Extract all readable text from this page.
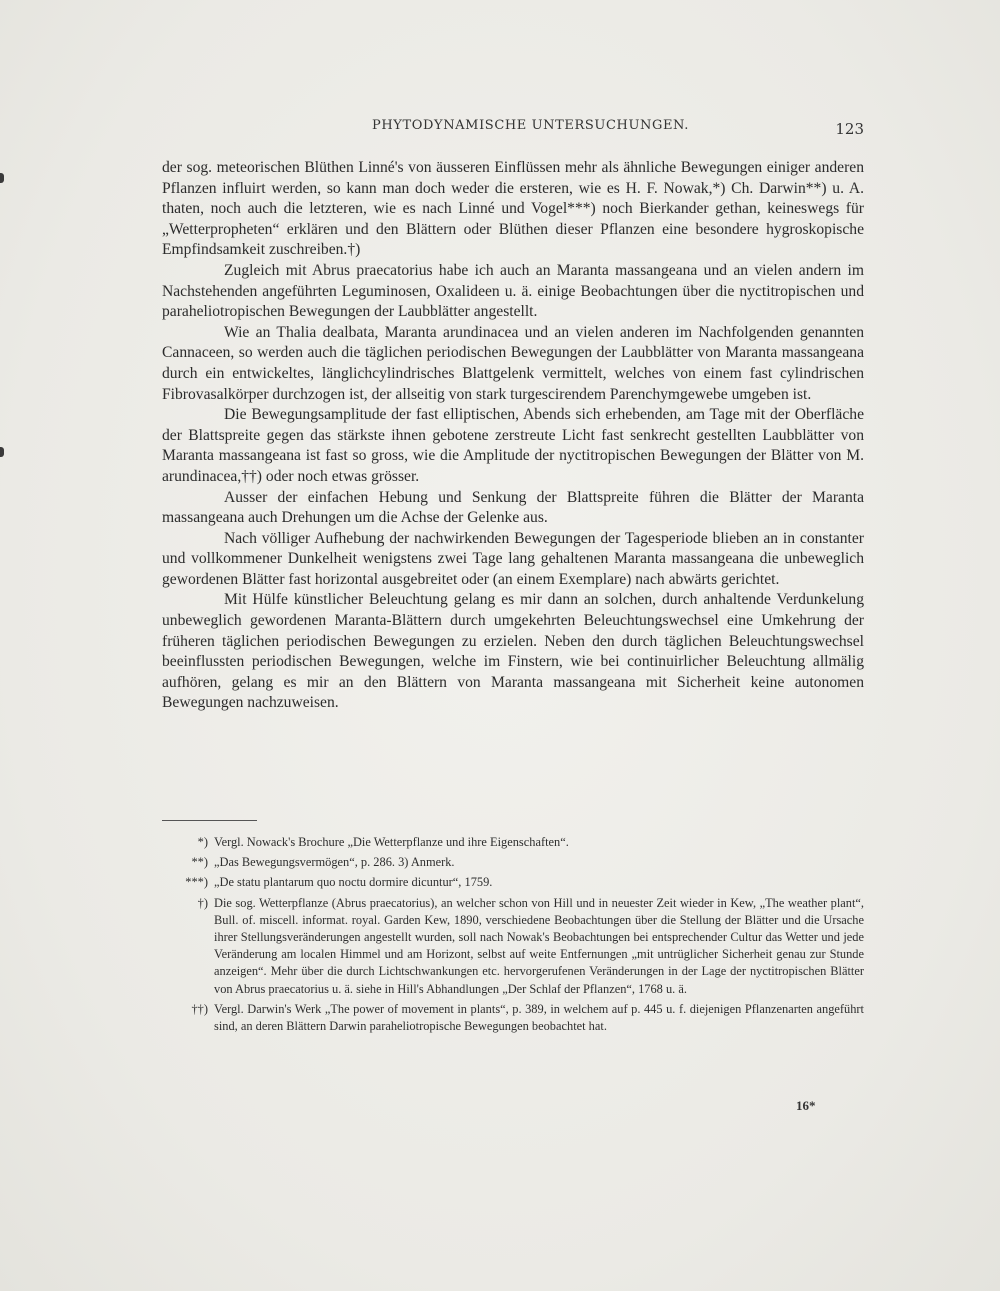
PHYTODYNAMISCHE UNTERSUCHUNGEN.	123

der sog. meteorischen Blüthen Linné's von äusseren Einflüssen mehr als ähnliche Bewegungen einiger anderen Pflanzen influirt werden, so kann man doch weder die ersteren, wie es H. F. Nowak,*) Ch. Darwin**) u. A. thaten, noch auch die letzteren, wie es nach Linné und Vogel***) noch Bierkander gethan, keineswegs für „Wetterpropheten“ erklären und den Blättern oder Blüthen dieser Pflanzen eine besondere hygroskopische Empfindsamkeit zuschreiben.†)

Zugleich mit Abrus praecatorius habe ich auch an Maranta massangeana und an vielen andern im Nachstehenden angeführten Leguminosen, Oxalideen u. ä. einige Beobachtungen über die nyctitropischen und paraheliotropischen Bewegungen der Laubblätter angestellt.

Wie an Thalia dealbata, Maranta arundinacea und an vielen anderen im Nachfolgenden genannten Cannaceen, so werden auch die täglichen periodischen Bewegungen der Laubblätter von Maranta massangeana durch ein entwickeltes, länglichcylindrisches Blattgelenk vermittelt, welches von einem fast cylindrischen Fibrovasalkörper durchzogen ist, der allseitig von stark turgescirendem Parenchymgewebe umgeben ist.

Die Bewegungsamplitude der fast elliptischen, Abends sich erhebenden, am Tage mit der Oberfläche der Blattspreite gegen das stärkste ihnen gebotene zerstreute Licht fast senkrecht gestellten Laubblätter von Maranta massangeana ist fast so gross, wie die Amplitude der nyctitropischen Bewegungen der Blätter von M. arundinacea,††) oder noch etwas grösser.

Ausser der einfachen Hebung und Senkung der Blattspreite führen die Blätter der Maranta massangeana auch Drehungen um die Achse der Gelenke aus.

Nach völliger Aufhebung der nachwirkenden Bewegungen der Tagesperiode blieben an in constanter und vollkommener Dunkelheit wenigstens zwei Tage lang gehaltenen Maranta massangeana die unbeweglich gewordenen Blätter fast horizontal ausgebreitet oder (an einem Exemplare) nach abwärts gerichtet.

Mit Hülfe künstlicher Beleuchtung gelang es mir dann an solchen, durch anhaltende Verdunkelung unbeweglich gewordenen Maranta-Blättern durch umgekehrten Beleuchtungswechsel eine Umkehrung der früheren täglichen periodischen Bewegungen zu erzielen. Neben den durch täglichen Beleuchtungswechsel beeinflussten periodischen Bewegungen, welche im Finstern, wie bei continuirlicher Beleuchtung allmälig aufhören, gelang es mir an den Blättern von Maranta massangeana mit Sicherheit keine autonomen Bewegungen nachzuweisen.

*) Vergl. Nowack's Brochure „Die Wetterpflanze und ihre Eigenschaften“.
**) „Das Bewegungsvermögen“, p. 286. 3) Anmerk.
***) „De statu plantarum quo noctu dormire dicuntur“, 1759.
†) Die sog. Wetterpflanze (Abrus praecatorius), an welcher schon von Hill und in neuester Zeit wieder in Kew, „The weather plant“, Bull. of. miscell. informat. royal. Garden Kew, 1890, verschiedene Beobachtungen über die Stellung der Blätter und die Ursache ihrer Stellungsveränderungen angestellt wurden, soll nach Nowak's Beobachtungen bei entsprechender Cultur das Wetter und jede Veränderung am localen Himmel und am Horizont, selbst auf weite Entfernungen „mit untrüglicher Sicherheit genau zur Stunde anzeigen“. Mehr über die durch Lichtschwankungen etc. hervorgerufenen Veränderungen in der Lage der nyctitropischen Blätter von Abrus praecatorius u. ä. siehe in Hill's Abhandlungen „Der Schlaf der Pflanzen“, 1768 u. ä.
††) Vergl. Darwin's Werk „The power of movement in plants“, p. 389, in welchem auf p. 445 u. f. diejenigen Pflanzenarten angeführt sind, an deren Blättern Darwin paraheliotropische Bewegungen beobachtet hat.
16*
